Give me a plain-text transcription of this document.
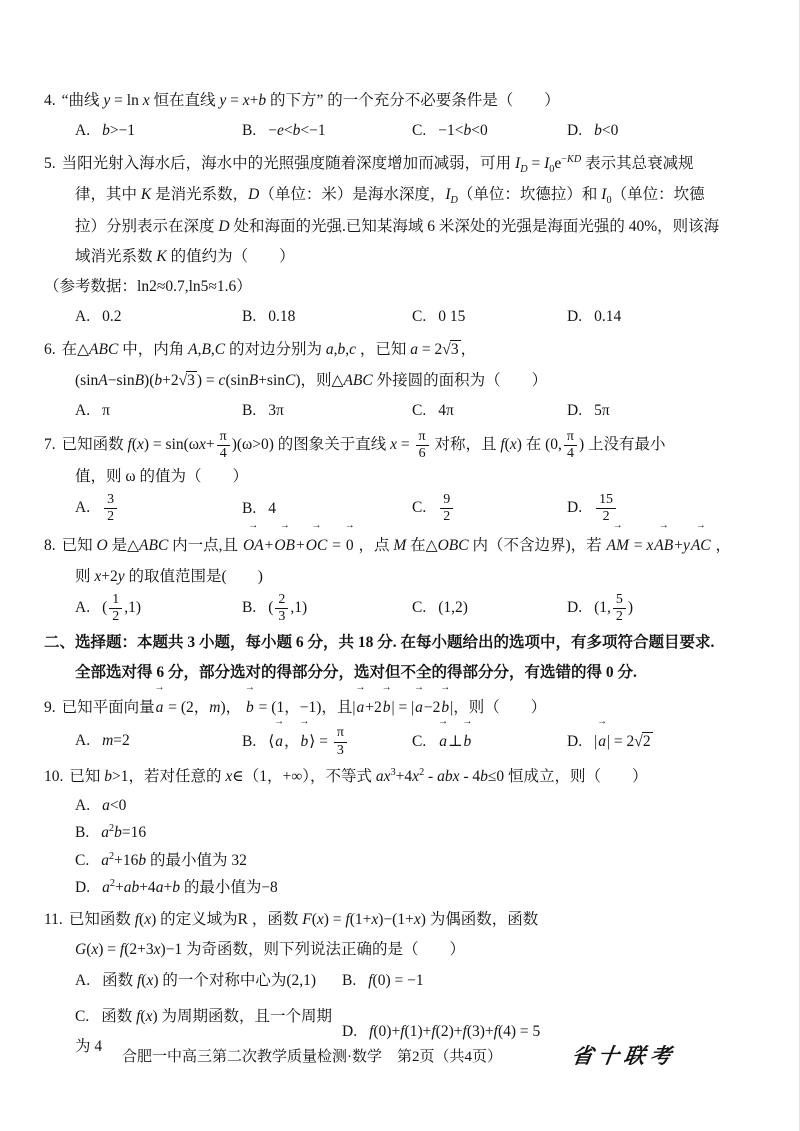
4. “曲线 y = ln x 恒在直线 y = x+b 的下方” 的一个充分不必要条件是（　　）
A. b>−1	B. −e<b<−1	C. −1<b<0	D. b<0
5. 当阳光射入海水后，海水中的光照强度随着深度增加而减弱，可用 $I_D = I_0e^{-KD}$ 表示其总衰减规
律，其中 K 是消光系数，D（单位：米）是海水深度，$I_D$（单位：坎德拉）和 $I_0$（单位：坎德
拉）分别表示在深度 D 处和海面的光强.已知某海域 6 米深处的光强是海面光强的 40%，则该海
域消光系数 K 的值约为（　　）
（参考数据：ln2≈0.7,ln5≈1.6）
A. 0.2	B. 0.18	C. 0 15	D. 0.14
6. 在△ABC 中，内角 A,B,C 的对边分别为 a,b,c ，已知 a = 2√3 ，
(sinA−sinB)(b+2√3 ) = c(sinB+sinC)，则△ABC 外接圆的面积为（　　）
A. π	B. 3π	C. 4π	D. 5π
7. 已知函数 $f(x) = \sin(\omega x+ \frac{\pi}{4} )(\omega>0)$ 的图象关于直线 $x = \frac{\pi}{6}$ 对称，且 f(x) 在 (0, $\frac{\pi}{4}$ ) 上没有最小
值，则 ω 的值为（　　）
A. $\frac{3}{2}$	B. 4	C. $\frac{9}{2}$	D. $\frac{15}{2}$
8. 已知 O 是△ABC 内一点,且
→
OA+
→
OB+
→
OC =
→
0 ，点 M 在△OBC 内（不含边界)，若
→
AM = x
→
AB+y
→
AC ，
则 x+2y 的取值范围是(　　)
A. ( $\frac{1}{2} ,1$)	B. ( $\frac{2}{3} ,1$)	C. (1,2)	D. (1, $\frac{5}{2}$ )
二、选择题：本题共 3 小题，每小题 6 分，共 18 分. 在每小题给出的选项中，有多项符合题目要求.
全部选对得 6 分，部分选对的得部分分，选对但不全的得部分分，有选错的得 0 分.
9. 已知平面向量
→
a = (2，m)，
→
b = (1，−1)，且|
→
a+2
→
b| = |
→
a−2
→
b|，则（　　）
A. m=2	B. ⟨
→
a，
→
b⟩ = $\frac{\pi}{3}$	C.
→
a⊥
→
b	D. |
→
a| = 2√2
10. 已知 b>1，若对任意的 x∈（1，+∞），不等式 $ax^3+4x^2$ - abx - 4b≤0 恒成立，则（　　）
A. a<0
B. $a^2b=16$
C. $a^2+16b$ 的最小值为 32
D. $a^2+ab+4a+b$ 的最小值为−8
11. 已知函数 f(x) 的定义域为R ，函数 F(x) = f(1+x)−(1+x) 为偶函数，函数
G(x) = f(2+3x)−1 为奇函数，则下列说法正确的是（　　）
A. 函数 f(x) 的一个对称中心为(2,1)	B. f(0) = −1
C. 函数 f(x) 为周期函数，且一个周期为 4
D. f(0)+f(1)+f(2)+f(3)+f(4) = 5
合肥一中高三第二次教学质量检测·数学　第2页（共4页）	省十联考
